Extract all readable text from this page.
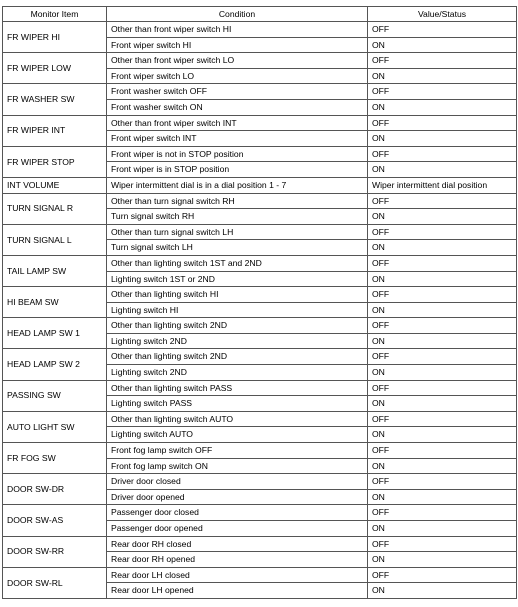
Monitor Item	Condition	Value/Status
FR WIPER HI	Other than front wiper switch HI	OFF
	Front wiper switch HI	ON
FR WIPER LOW	Other than front wiper switch LO	OFF
	Front wiper switch LO	ON
FR WASHER SW	Front washer switch OFF	OFF
	Front washer switch ON	ON
FR WIPER INT	Other than front wiper switch INT	OFF
	Front wiper switch INT	ON
FR WIPER STOP	Front wiper is not in STOP position	OFF
	Front wiper is in STOP position	ON
INT VOLUME	Wiper intermittent dial is in a dial position 1 - 7	Wiper intermittent dial position
TURN SIGNAL R	Other than turn signal switch RH	OFF
	Turn signal switch RH	ON
TURN SIGNAL L	Other than turn signal switch LH	OFF
	Turn signal switch LH	ON
TAIL LAMP SW	Other than lighting switch 1ST and 2ND	OFF
	Lighting switch 1ST or 2ND	ON
HI BEAM SW	Other than lighting switch HI	OFF
	Lighting switch HI	ON
HEAD LAMP SW 1	Other than lighting switch 2ND	OFF
	Lighting switch 2ND	ON
HEAD LAMP SW 2	Other than lighting switch 2ND	OFF
	Lighting switch 2ND	ON
PASSING SW	Other than lighting switch PASS	OFF
	Lighting switch PASS	ON
AUTO LIGHT SW	Other than lighting switch AUTO	OFF
	Lighting switch AUTO	ON
FR FOG SW	Front fog lamp switch OFF	OFF
	Front fog lamp switch ON	ON
DOOR SW-DR	Driver door closed	OFF
	Driver door opened	ON
DOOR SW-AS	Passenger door closed	OFF
	Passenger door opened	ON
DOOR SW-RR	Rear door RH closed	OFF
	Rear door RH opened	ON
DOOR SW-RL	Rear door LH closed	OFF
	Rear door LH opened	ON
